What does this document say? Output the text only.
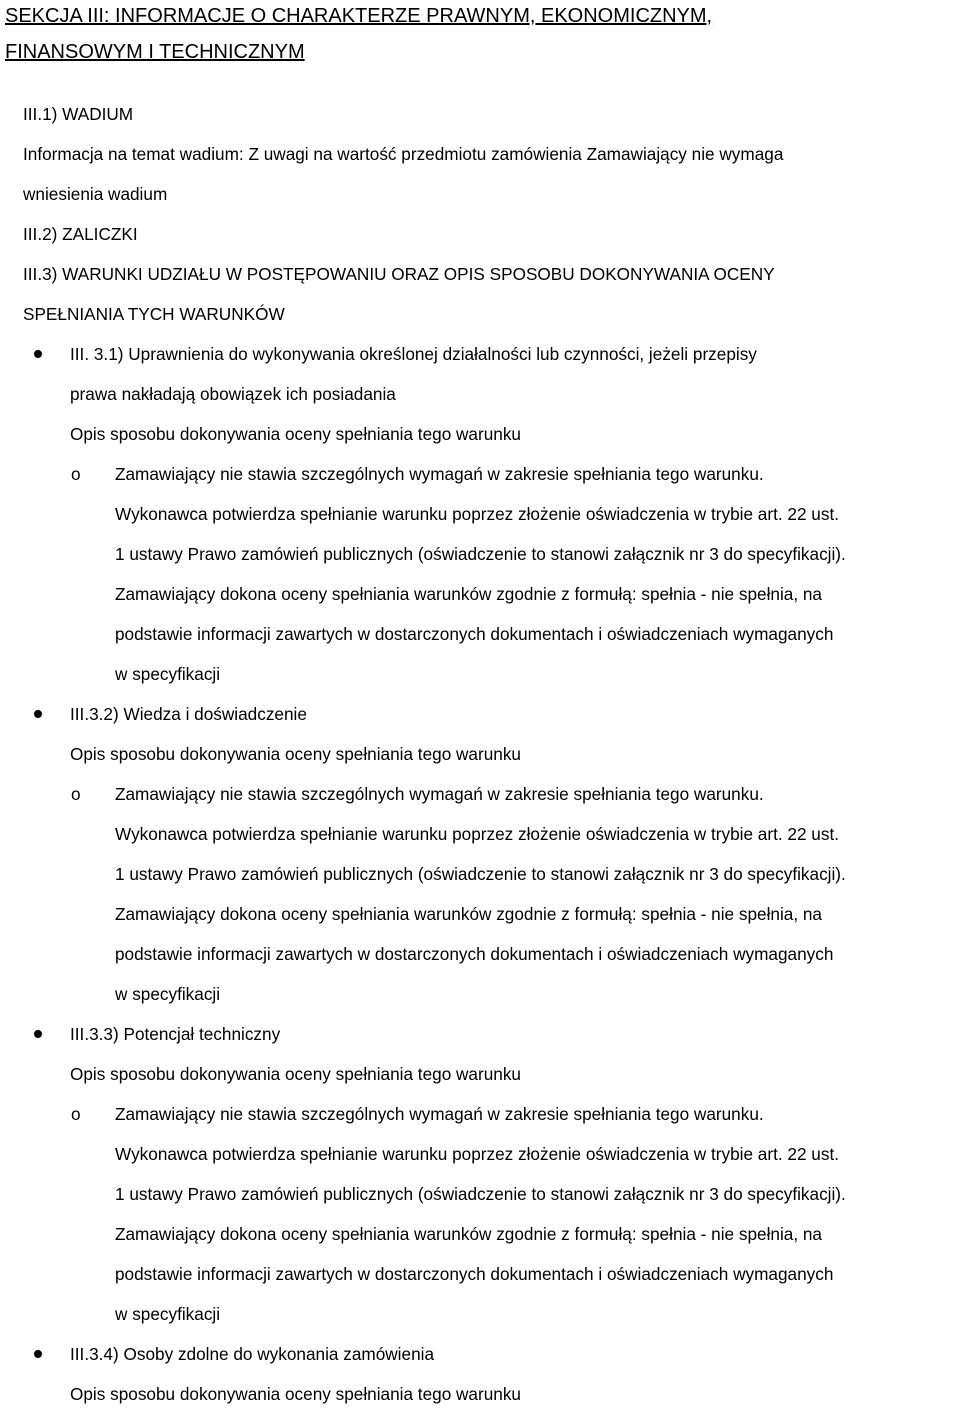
SEKCJA III: INFORMACJE O CHARAKTERZE PRAWNYM, EKONOMICZNYM,
FINANSOWYM I TECHNICZNYM
III.1) WADIUM
Informacja na temat wadium: Z uwagi na wartość przedmiotu zamówienia Zamawiający nie wymaga
wniesienia wadium
III.2) ZALICZKI
III.3) WARUNKI UDZIAŁU W POSTĘPOWANIU ORAZ OPIS SPOSOBU DOKONYWANIA OCENY
SPEŁNIANIA TYCH WARUNKÓW
III. 3.1) Uprawnienia do wykonywania określonej działalności lub czynności, jeżeli przepisy
prawa nakładają obowiązek ich posiadania
Opis sposobu dokonywania oceny spełniania tego warunku
o Zamawiający nie stawia szczególnych wymagań w zakresie spełniania tego warunku.
Wykonawca potwierdza spełnianie warunku poprzez złożenie oświadczenia w trybie art. 22 ust.
1 ustawy Prawo zamówień publicznych (oświadczenie to stanowi załącznik nr 3 do specyfikacji).
Zamawiający dokona oceny spełniania warunków zgodnie z formułą: spełnia - nie spełnia, na
podstawie informacji zawartych w dostarczonych dokumentach i oświadczeniach wymaganych
w specyfikacji
III.3.2) Wiedza i doświadczenie
Opis sposobu dokonywania oceny spełniania tego warunku
o Zamawiający nie stawia szczególnych wymagań w zakresie spełniania tego warunku.
Wykonawca potwierdza spełnianie warunku poprzez złożenie oświadczenia w trybie art. 22 ust.
1 ustawy Prawo zamówień publicznych (oświadczenie to stanowi załącznik nr 3 do specyfikacji).
Zamawiający dokona oceny spełniania warunków zgodnie z formułą: spełnia - nie spełnia, na
podstawie informacji zawartych w dostarczonych dokumentach i oświadczeniach wymaganych
w specyfikacji
III.3.3) Potencjał techniczny
Opis sposobu dokonywania oceny spełniania tego warunku
o Zamawiający nie stawia szczególnych wymagań w zakresie spełniania tego warunku.
Wykonawca potwierdza spełnianie warunku poprzez złożenie oświadczenia w trybie art. 22 ust.
1 ustawy Prawo zamówień publicznych (oświadczenie to stanowi załącznik nr 3 do specyfikacji).
Zamawiający dokona oceny spełniania warunków zgodnie z formułą: spełnia - nie spełnia, na
podstawie informacji zawartych w dostarczonych dokumentach i oświadczeniach wymaganych
w specyfikacji
III.3.4) Osoby zdolne do wykonania zamówienia
Opis sposobu dokonywania oceny spełniania tego warunku
